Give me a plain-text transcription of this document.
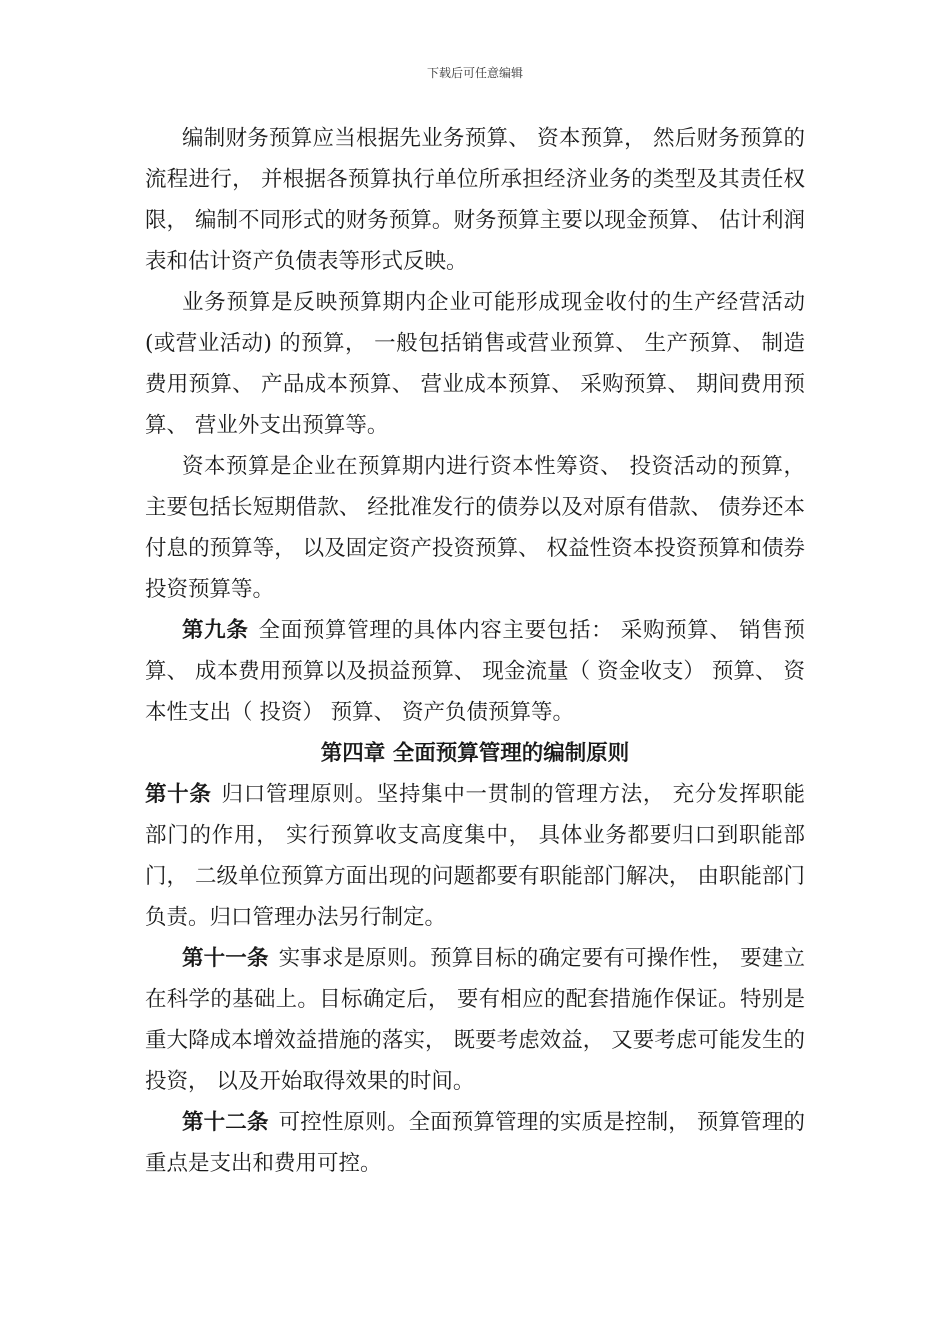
下载后可任意编辑

编制财务预算应当根据先业务预算、 资本预算， 然后财务预算的流程进行， 并根据各预算执行单位所承担经济业务的类型及其责任权限， 编制不同形式的财务预算。财务预算主要以现金预算、 估计利润表和估计资产负债表等形式反映。

业务预算是反映预算期内企业可能形成现金收付的生产经营活动(或营业活动) 的预算， 一般包括销售或营业预算、 生产预算、 制造费用预算、 产品成本预算、 营业成本预算、 采购预算、 期间费用预算、 营业外支出预算等。

资本预算是企业在预算期内进行资本性筹资、 投资活动的预算， 主要包括长短期借款、 经批准发行的债券以及对原有借款、 债券还本付息的预算等， 以及固定资产投资预算、 权益性资本投资预算和债券投资预算等。

第九条 全面预算管理的具体内容主要包括： 采购预算、 销售预算、 成本费用预算以及损益预算、 现金流量（ 资金收支） 预算、 资本性支出（ 投资） 预算、 资产负债预算等。

第四章 全面预算管理的编制原则

第十条 归口管理原则。坚持集中一贯制的管理方法， 充分发挥职能部门的作用， 实行预算收支高度集中， 具体业务都要归口到职能部门， 二级单位预算方面出现的问题都要有职能部门解决， 由职能部门负责。归口管理办法另行制定。

第十一条 实事求是原则。预算目标的确定要有可操作性， 要建立在科学的基础上。目标确定后， 要有相应的配套措施作保证。特别是重大降成本增效益措施的落实， 既要考虑效益， 又要考虑可能发生的投资， 以及开始取得效果的时间。

第十二条 可控性原则。全面预算管理的实质是控制， 预算管理的重点是支出和费用可控。
